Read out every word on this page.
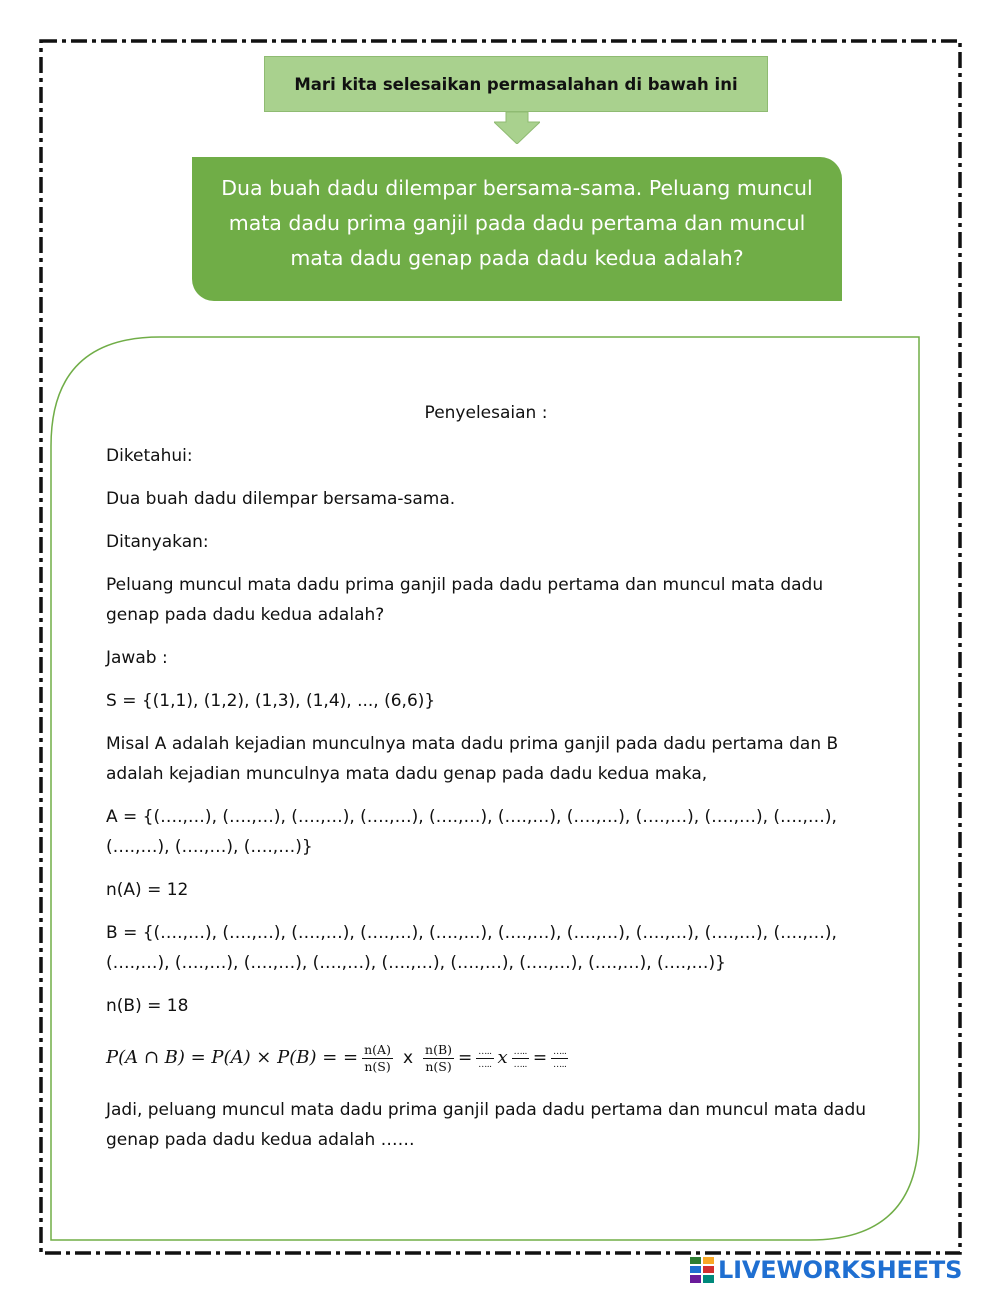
Mari kita selesaikan permasalahan di bawah ini
Dua buah dadu dilempar bersama-sama. Peluang muncul mata dadu prima ganjil pada dadu pertama dan muncul mata dadu genap pada dadu kedua adalah?

Penyelesaian :

Diketahui:

Dua buah dadu dilempar bersama-sama.

Ditanyakan:

Peluang muncul mata dadu prima ganjil pada dadu pertama dan muncul mata dadu genap pada dadu kedua adalah?

Jawab :

S = {(1,1), (1,2), (1,3), (1,4), ..., (6,6)}

Misal A adalah kejadian munculnya mata dadu prima ganjil pada dadu pertama dan B adalah kejadian munculnya mata dadu genap pada dadu kedua maka,

A = {(….,…), (….,…), (….,…), (….,…), (….,…), (….,…), (….,…), (….,…), (….,…), (….,…), (….,…), (….,…), (….,…)}

n(A) = 12

B = {(….,…), (….,…), (….,…), (….,…), (….,…), (….,…), (….,…), (….,…), (….,…), (….,…), (….,…), (….,…), (….,…), (….,…), (….,…), (….,…), (….,…), (….,…), (….,…)}

n(B) = 18

P(A ∩ B) = P(A) × P(B) = = $\frac{n(A)}{n(S)}$ x $\frac{n(B)}{n(S)} = \frac{\dots..}{\dots..}$ x $\frac{\dots..}{\dots..} = \frac{\dots..}{\dots..}$

Jadi, peluang muncul mata dadu prima ganjil pada dadu pertama dan muncul mata dadu genap pada dadu kedua adalah ……

LIVEWORKSHEETS
